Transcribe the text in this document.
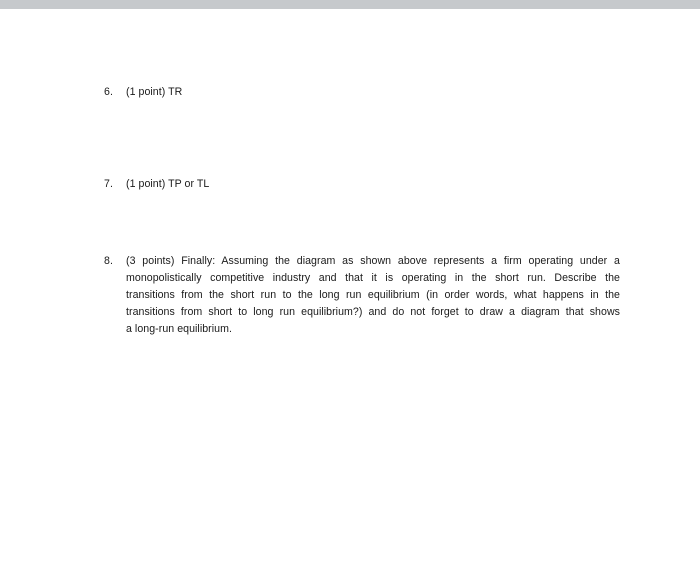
6.	(1 point) TR
7.	(1 point) TP or TL
8.	(3 points) Finally: Assuming the diagram as shown above represents a firm operating under a
monopolistically competitive industry and that it is operating in the short run. Describe the
transitions from the short run to the long run equilibrium (in order words, what happens in the
transitions from short to long run equilibrium?) and do not forget to draw a diagram that shows
a long-run equilibrium.
